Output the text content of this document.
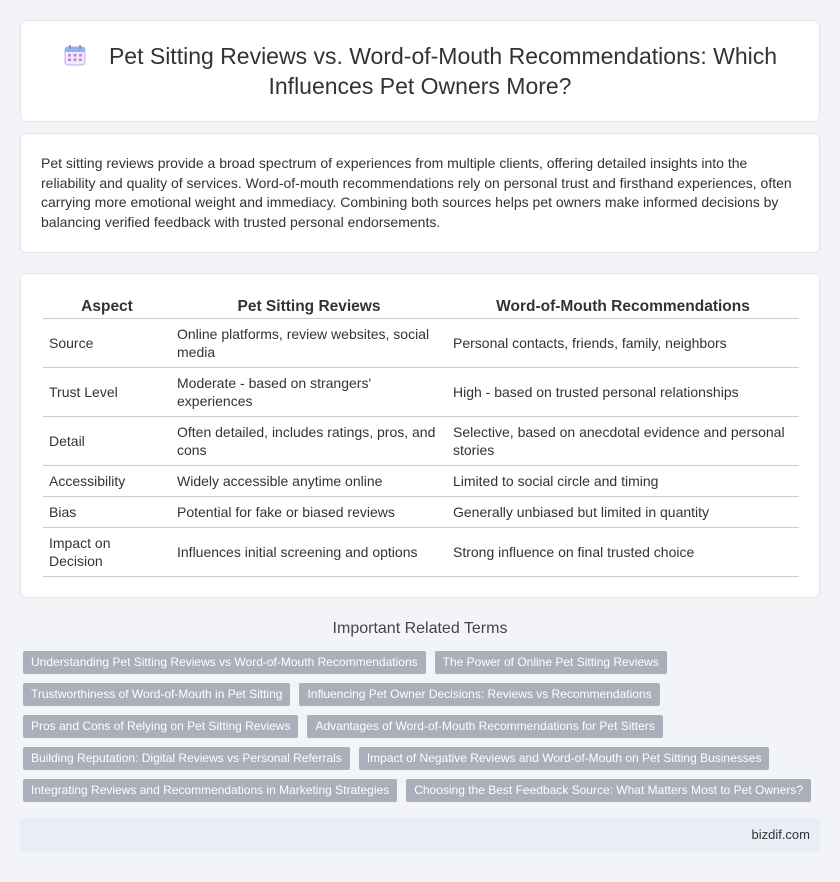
Pet Sitting Reviews vs. Word-of-Mouth Recommendations: Which Influences Pet Owners More?

Pet sitting reviews provide a broad spectrum of experiences from multiple clients, offering detailed insights into the reliability and quality of services. Word-of-mouth recommendations rely on personal trust and firsthand experiences, often carrying more emotional weight and immediacy. Combining both sources helps pet owners make informed decisions by balancing verified feedback with trusted personal endorsements.

Aspect	Pet Sitting Reviews	Word-of-Mouth Recommendations
Source	Online platforms, review websites, social media	Personal contacts, friends, family, neighbors
Trust Level	Moderate - based on strangers' experiences	High - based on trusted personal relationships
Detail	Often detailed, includes ratings, pros, and cons	Selective, based on anecdotal evidence and personal stories
Accessibility	Widely accessible anytime online	Limited to social circle and timing
Bias	Potential for fake or biased reviews	Generally unbiased but limited in quantity
Impact on Decision	Influences initial screening and options	Strong influence on final trusted choice
Important Related Terms
Understanding Pet Sitting Reviews vs Word-of-Mouth Recommendations	The Power of Online Pet Sitting Reviews
Trustworthiness of Word-of-Mouth in Pet Sitting	Influencing Pet Owner Decisions: Reviews vs Recommendations
Pros and Cons of Relying on Pet Sitting Reviews	Advantages of Word-of-Mouth Recommendations for Pet Sitters
Building Reputation: Digital Reviews vs Personal Referrals	Impact of Negative Reviews and Word-of-Mouth on Pet Sitting Businesses
Integrating Reviews and Recommendations in Marketing Strategies	Choosing the Best Feedback Source: What Matters Most to Pet Owners?
bizdif.com
